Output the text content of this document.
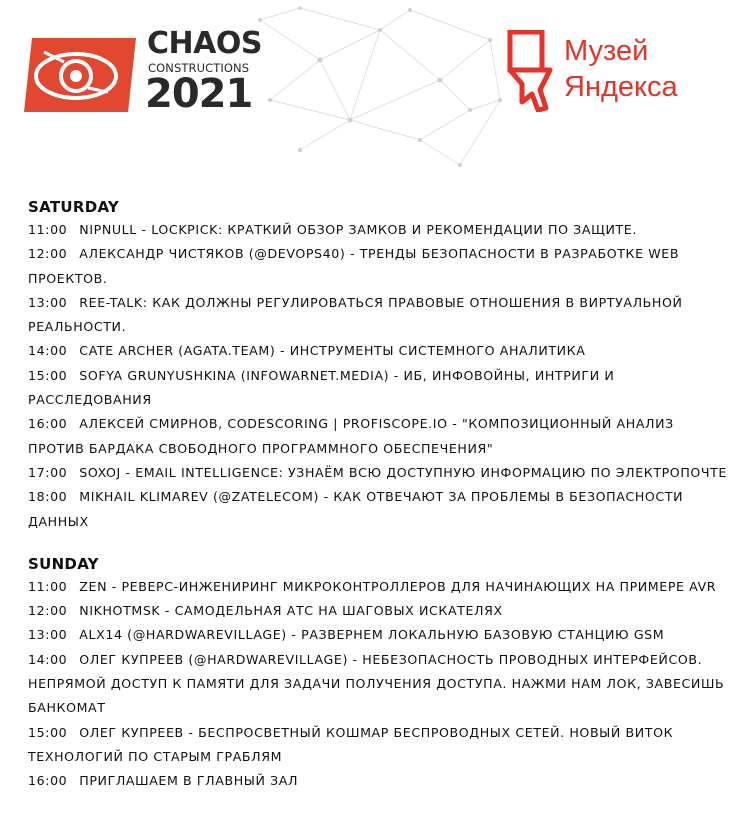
CHAOS
CONSTRUCTIONS
2021
Музей
Яндекса
SATURDAY
11:00 NIPNULL - LOCKPICK: КРАТКИЙ ОБЗОР ЗАМКОВ И РЕКОМЕНДАЦИИ ПО ЗАЩИТЕ.
12:00 АЛЕКСАНДР ЧИСТЯКОВ (@DEVOPS40) - ТРЕНДЫ БЕЗОПАСНОСТИ В РАЗРАБОТКЕ WEB ПРОЕКТОВ.
13:00 REE-TALK: КАК ДОЛЖНЫ РЕГУЛИРОВАТЬСЯ ПРАВОВЫЕ ОТНОШЕНИЯ В ВИРТУАЛЬНОЙ РЕАЛЬНОСТИ.
14:00 CATE ARCHER (AGATA.TEAM) - ИНСТРУМЕНТЫ СИСТЕМНОГО АНАЛИТИКА
15:00 SOFYA GRUNYUSHKINA (INFOWARNET.MEDIA) - ИБ, ИНФОВОЙНЫ, ИНТРИГИ И РАССЛЕДОВАНИЯ
16:00 АЛЕКСЕЙ СМИРНОВ, CODESCORING | PROFISCOPE.IO - "КОМПОЗИЦИОННЫЙ АНАЛИЗ ПРОТИВ БАРДАКА СВОБОДНОГО ПРОГРАММНОГО ОБЕСПЕЧЕНИЯ"
17:00 SOXOJ - EMAIL INTELLIGENCE: УЗНАЁМ ВСЮ ДОСТУПНУЮ ИНФОРМАЦИЮ ПО ЭЛЕКТРОПОЧТЕ
18:00 MIKHAIL KLIMAREV (@ZATELECOM) - КАК ОТВЕЧАЮТ ЗА ПРОБЛЕМЫ В БЕЗОПАСНОСТИ ДАННЫХ
SUNDAY
11:00 ZEN - РЕВЕРС-ИНЖЕНИРИНГ МИКРОКОНТРОЛЛЕРОВ ДЛЯ НАЧИНАЮЩИХ НА ПРИМЕРЕ AVR
12:00 NIKHOTMSK - САМОДЕЛЬНАЯ АТС НА ШАГОВЫХ ИСКАТЕЛЯХ
13:00 ALX14 (@HARDWAREVILLAGE) - РАЗВЕРНЕМ ЛОКАЛЬНУЮ БАЗОВУЮ СТАНЦИЮ GSM
14:00 ОЛЕГ КУПРЕЕВ (@HARDWAREVILLAGE) - НЕБЕЗОПАСНОСТЬ ПРОВОДНЫХ ИНТЕРФЕЙСОВ. НЕПРЯМОЙ ДОСТУП К ПАМЯТИ ДЛЯ ЗАДАЧИ ПОЛУЧЕНИЯ ДОСТУПА. НАЖМИ НАМ ЛОК, ЗАВЕСИШЬ БАНКОМАТ
15:00 ОЛЕГ КУПРЕЕВ - БЕСПРОСВЕТНЫЙ КОШМАР БЕСПРОВОДНЫХ СЕТЕЙ. НОВЫЙ ВИТОК ТЕХНОЛОГИЙ ПО СТАРЫМ ГРАБЛЯМ
16:00 ПРИГЛАШАЕМ В ГЛАВНЫЙ ЗАЛ
